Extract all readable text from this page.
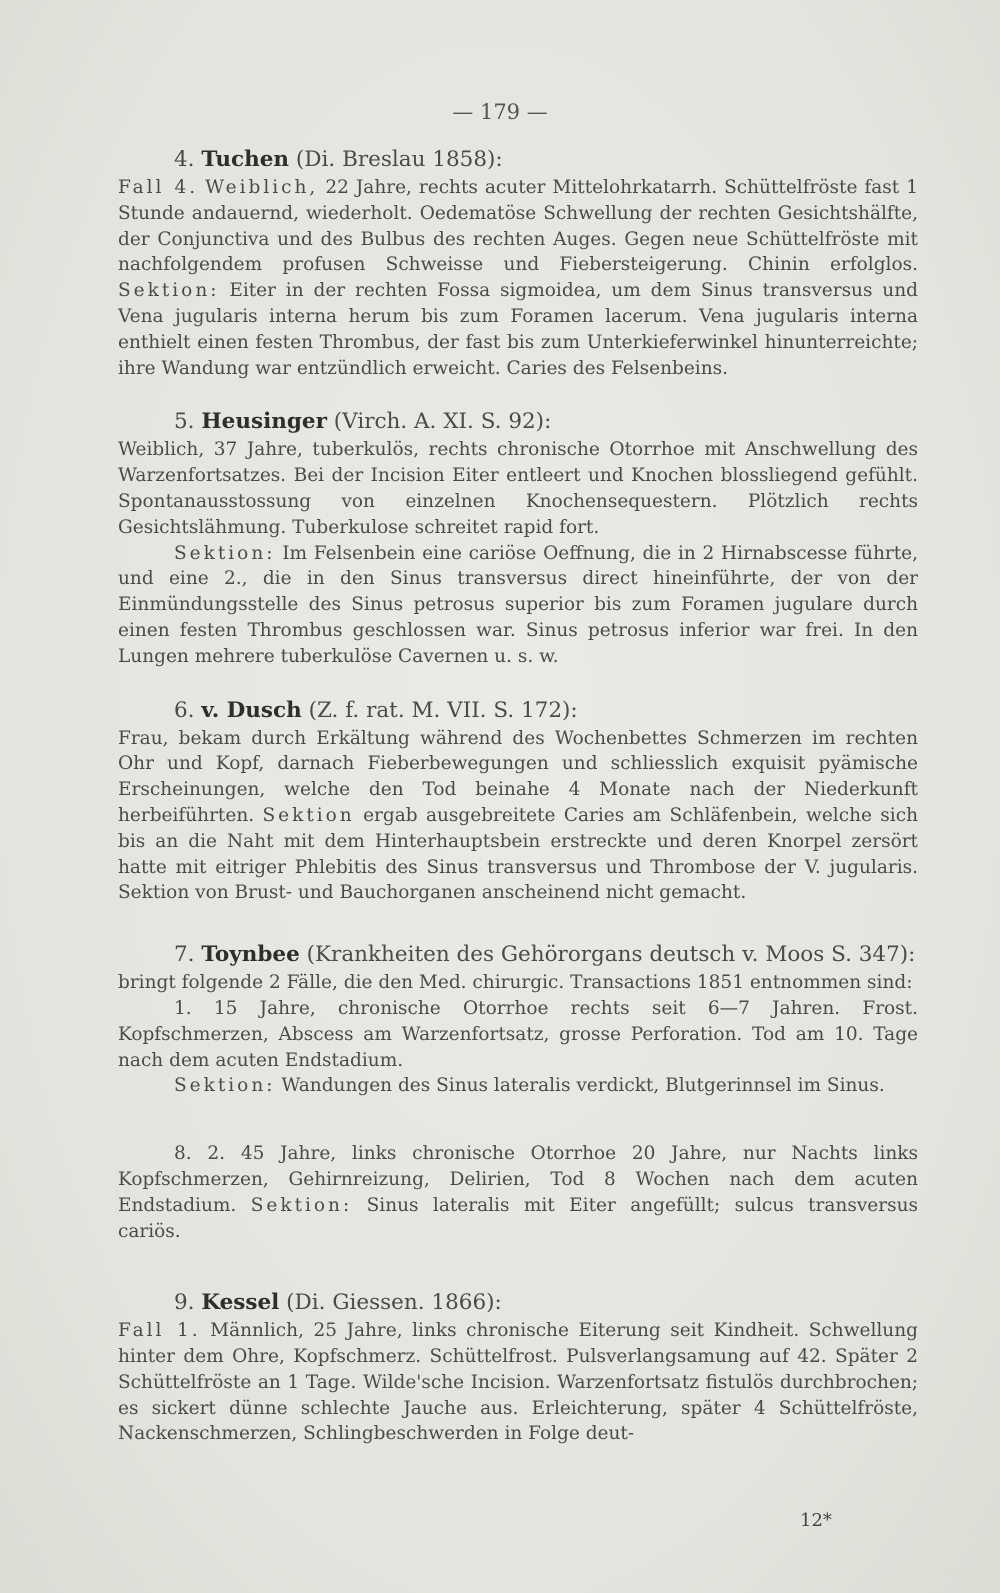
— 179 —

4. Tuchen (Di. Breslau 1858):

Fall 4. Weiblich, 22 Jahre, rechts acuter Mittelohrkatarrh. Schüttelfröste fast 1 Stunde andauernd, wiederholt. Oedematöse Schwellung der rechten Gesichtshälfte, der Conjunctiva und des Bulbus des rechten Auges. Gegen neue Schüttelfröste mit nachfolgendem profusen Schweisse und Fiebersteigerung. Chinin erfolglos. Sektion: Eiter in der rechten Fossa sigmoidea, um dem Sinus transversus und Vena jugularis interna herum bis zum Foramen lacerum. Vena jugularis interna enthielt einen festen Thrombus, der fast bis zum Unterkieferwinkel hinunterreichte; ihre Wandung war entzündlich erweicht. Caries des Felsenbeins.

5. Heusinger (Virch. A. XI. S. 92):

Weiblich, 37 Jahre, tuberkulös, rechts chronische Otorrhoe mit Anschwellung des Warzenfortsatzes. Bei der Incision Eiter entleert und Knochen blossliegend gefühlt. Spontanausstossung von einzelnen Knochensequestern. Plötzlich rechts Gesichtslähmung. Tuberkulose schreitet rapid fort.

Sektion: Im Felsenbein eine cariöse Oeffnung, die in 2 Hirnabscesse führte, und eine 2., die in den Sinus transversus direct hineinführte, der von der Einmündungsstelle des Sinus petrosus superior bis zum Foramen jugulare durch einen festen Thrombus geschlossen war. Sinus petrosus inferior war frei. In den Lungen mehrere tuberkulöse Cavernen u. s. w.

6. v. Dusch (Z. f. rat. M. VII. S. 172):

Frau, bekam durch Erkältung während des Wochenbettes Schmerzen im rechten Ohr und Kopf, darnach Fieberbewegungen und schliesslich exquisit pyämische Erscheinungen, welche den Tod beinahe 4 Monate nach der Niederkunft herbeiführten. Sektion ergab ausgebreitete Caries am Schläfenbein, welche sich bis an die Naht mit dem Hinterhauptsbein erstreckte und deren Knorpel zersört hatte mit eitriger Phlebitis des Sinus transversus und Thrombose der V. jugularis. Sektion von Brust- und Bauchorganen anscheinend nicht gemacht.

7. Toynbee (Krankheiten des Gehörorgans deutsch v. Moos S. 347):

bringt folgende 2 Fälle, die den Med. chirurgic. Transactions 1851 entnommen sind:

1. 15 Jahre, chronische Otorrhoe rechts seit 6—7 Jahren. Frost. Kopfschmerzen, Abscess am Warzenfortsatz, grosse Perforation. Tod am 10. Tage nach dem acuten Endstadium.

Sektion: Wandungen des Sinus lateralis verdickt, Blutgerinnsel im Sinus.

8. 2. 45 Jahre, links chronische Otorrhoe 20 Jahre, nur Nachts links Kopfschmerzen, Gehirnreizung, Delirien, Tod 8 Wochen nach dem acuten Endstadium. Sektion: Sinus lateralis mit Eiter angefüllt; sulcus transversus cariös.

9. Kessel (Di. Giessen. 1866):

Fall 1. Männlich, 25 Jahre, links chronische Eiterung seit Kindheit. Schwellung hinter dem Ohre, Kopfschmerz. Schüttelfrost. Pulsverlangsamung auf 42. Später 2 Schüttelfröste an 1 Tage. Wilde'sche Incision. Warzenfortsatz fistulös durchbrochen; es sickert dünne schlechte Jauche aus. Erleichterung, später 4 Schüttelfröste, Nackenschmerzen, Schlingbeschwerden in Folge deut-

12*
